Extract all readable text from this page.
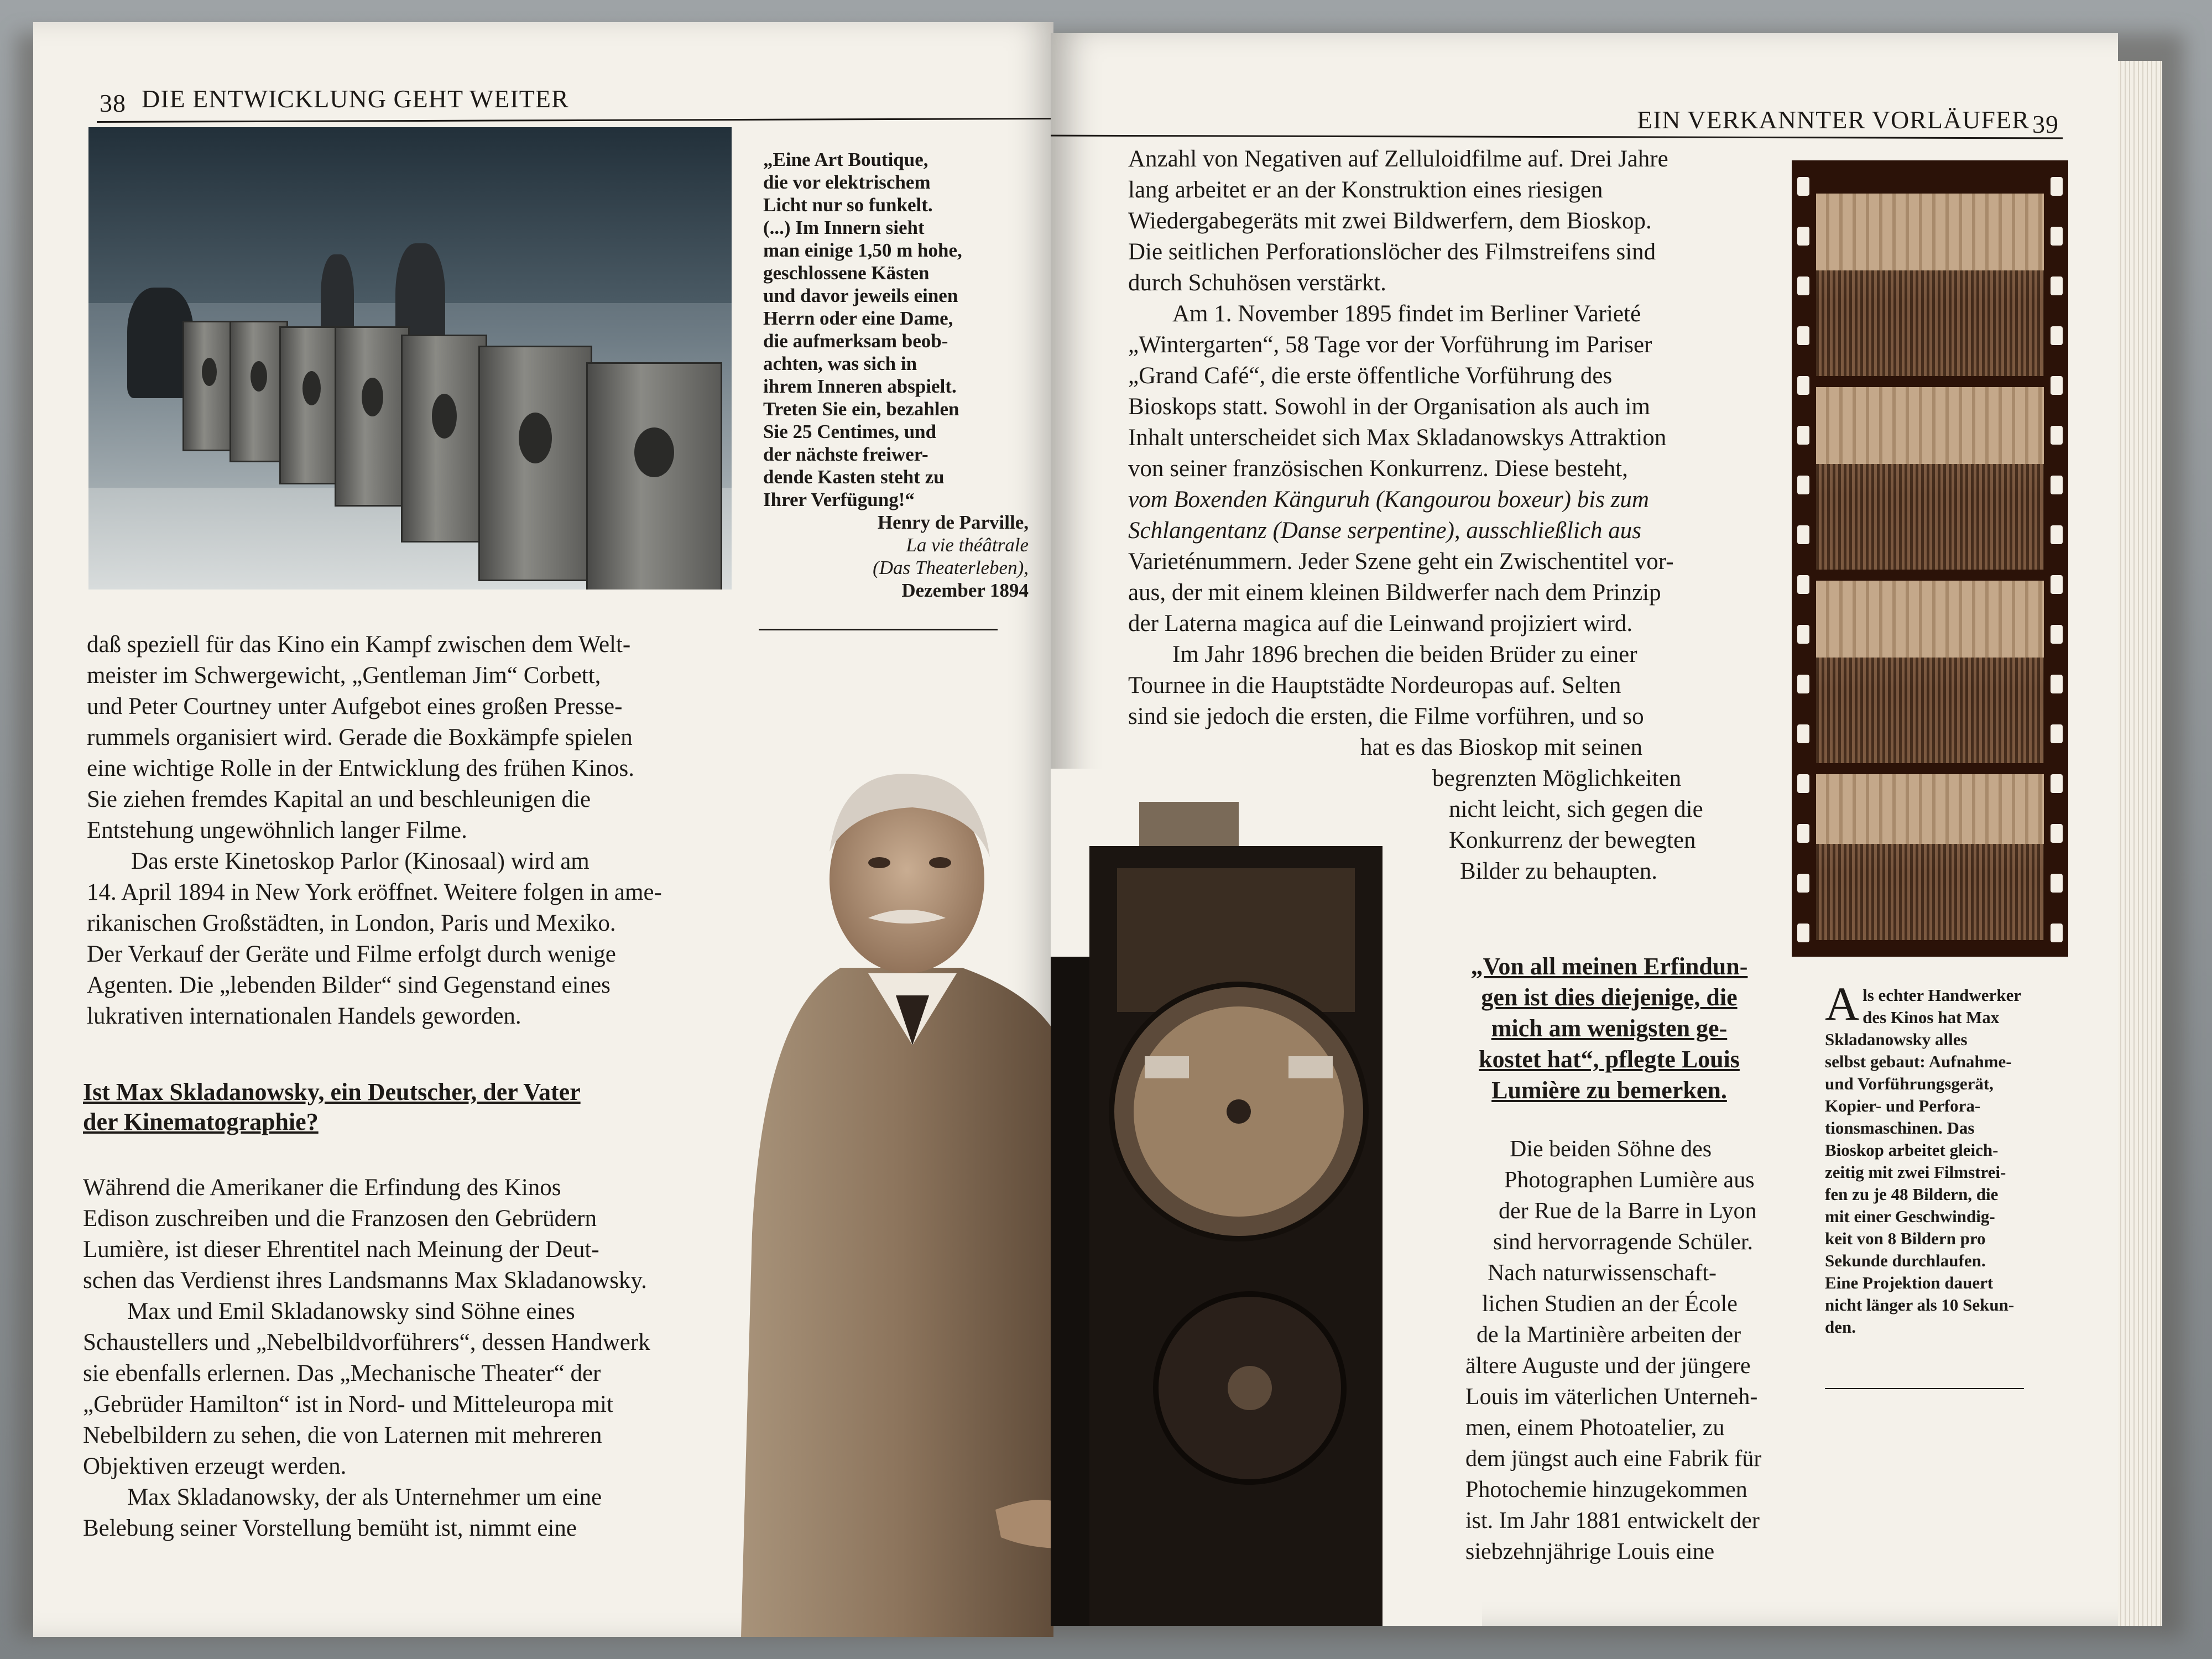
38 DIE ENTWICKLUNG GEHT WEITER
„Eine Art Boutique,
die vor elektrischem
Licht nur so funkelt.
(...) Im Innern sieht
man einige 1,50 m hohe,
geschlossene Kästen
und davor jeweils einen
Herrn oder eine Dame,
die aufmerksam beob-
achten, was sich in
ihrem Inneren abspielt.
Treten Sie ein, bezahlen
Sie 25 Centimes, und
der nächste freiwer-
dende Kasten steht zu
Ihrer Verfügung!“
Henry de Parville,
La vie théâtrale
(Das Theaterleben),
Dezember 1894

daß speziell für das Kino ein Kampf zwischen dem Welt-

meister im Schwergewicht, „Gentleman Jim“ Corbett,

und Peter Courtney unter Aufgebot eines großen Presse-

rummels organisiert wird. Gerade die Boxkämpfe spielen

eine wichtige Rolle in der Entwicklung des frühen Kinos.

Sie ziehen fremdes Kapital an und beschleunigen die

Entstehung ungewöhnlich langer Filme.

Das erste Kinetoskop Parlor (Kinosaal) wird am

14. April 1894 in New York eröffnet. Weitere folgen in ame-

rikanischen Großstädten, in London, Paris und Mexiko.

Der Verkauf der Geräte und Filme erfolgt durch wenige

Agenten. Die „lebenden Bilder“ sind Gegenstand eines

lukrativen internationalen Handels geworden.

Ist Max Skladanowsky, ein Deutscher, der Vater
der Kinematographie?

Während die Amerikaner die Erfindung des Kinos

Edison zuschreiben und die Franzosen den Gebrüdern

Lumière, ist dieser Ehrentitel nach Meinung der Deut-

schen das Verdienst ihres Landsmanns Max Skladanowsky.

Max und Emil Skladanowsky sind Söhne eines

Schaustellers und „Nebelbildvorführers“, dessen Handwerk

sie ebenfalls erlernen. Das „Mechanische Theater“ der

„Gebrüder Hamilton“ ist in Nord- und Mitteleuropa mit

Nebelbildern zu sehen, die von Laternen mit mehreren

Objektiven erzeugt werden.

Max Skladanowsky, der als Unternehmer um eine

Belebung seiner Vorstellung bemüht ist, nimmt eine

EIN VERKANNTER VORLÄUFER 39

Anzahl von Negativen auf Zelluloidfilme auf. Drei Jahre

lang arbeitet er an der Konstruktion eines riesigen

Wiedergabegeräts mit zwei Bildwerfern, dem Bioskop.

Die seitlichen Perforationslöcher des Filmstreifens sind

durch Schuhösen verstärkt.

Am 1. November 1895 findet im Berliner Varieté

„Wintergarten“, 58 Tage vor der Vorführung im Pariser

„Grand Café“, die erste öffentliche Vorführung des

Bioskops statt. Sowohl in der Organisation als auch im

Inhalt unterscheidet sich Max Skladanowskys Attraktion

von seiner französischen Konkurrenz. Diese besteht,

vom Boxenden Känguruh (Kangourou boxeur) bis zum

Schlangentanz (Danse serpentine), ausschließlich aus

Varieténummern. Jeder Szene geht ein Zwischentitel vor-

aus, der mit einem kleinen Bildwerfer nach dem Prinzip

der Laterna magica auf die Leinwand projiziert wird.

Im Jahr 1896 brechen die beiden Brüder zu einer

Tournee in die Hauptstädte Nordeuropas auf. Selten

sind sie jedoch die ersten, die Filme vorführen, und so

hat es das Bioskop mit seinen

begrenzten Möglichkeiten

nicht leicht, sich gegen die

Konkurrenz der bewegten

Bilder zu behaupten.

„Von all meinen Erfindun-
gen ist dies diejenige, die
mich am wenigsten ge-
kostet hat“, pflegte Louis
Lumière zu bemerken.

Die beiden Söhne des

Photographen Lumière aus

der Rue de la Barre in Lyon

sind hervorragende Schüler.

Nach naturwissenschaft-

lichen Studien an der École

de la Martinière arbeiten der

ältere Auguste und der jüngere

Louis im väterlichen Unterneh-

men, einem Photoatelier, zu

dem jüngst auch eine Fabrik für

Photochemie hinzugekommen

ist. Im Jahr 1881 entwickelt der

siebzehnjährige Louis eine

A ls echter Handwerker
des Kinos hat Max
Skladanowsky alles
selbst gebaut: Aufnahme-
und Vorführungsgerät,
Kopier- und Perfora-
tionsmaschinen. Das
Bioskop arbeitet gleich-
zeitig mit zwei Filmstrei-
fen zu je 48 Bildern, die
mit einer Geschwindig-
keit von 8 Bildern pro
Sekunde durchlaufen.
Eine Projektion dauert
nicht länger als 10 Sekun-
den.
